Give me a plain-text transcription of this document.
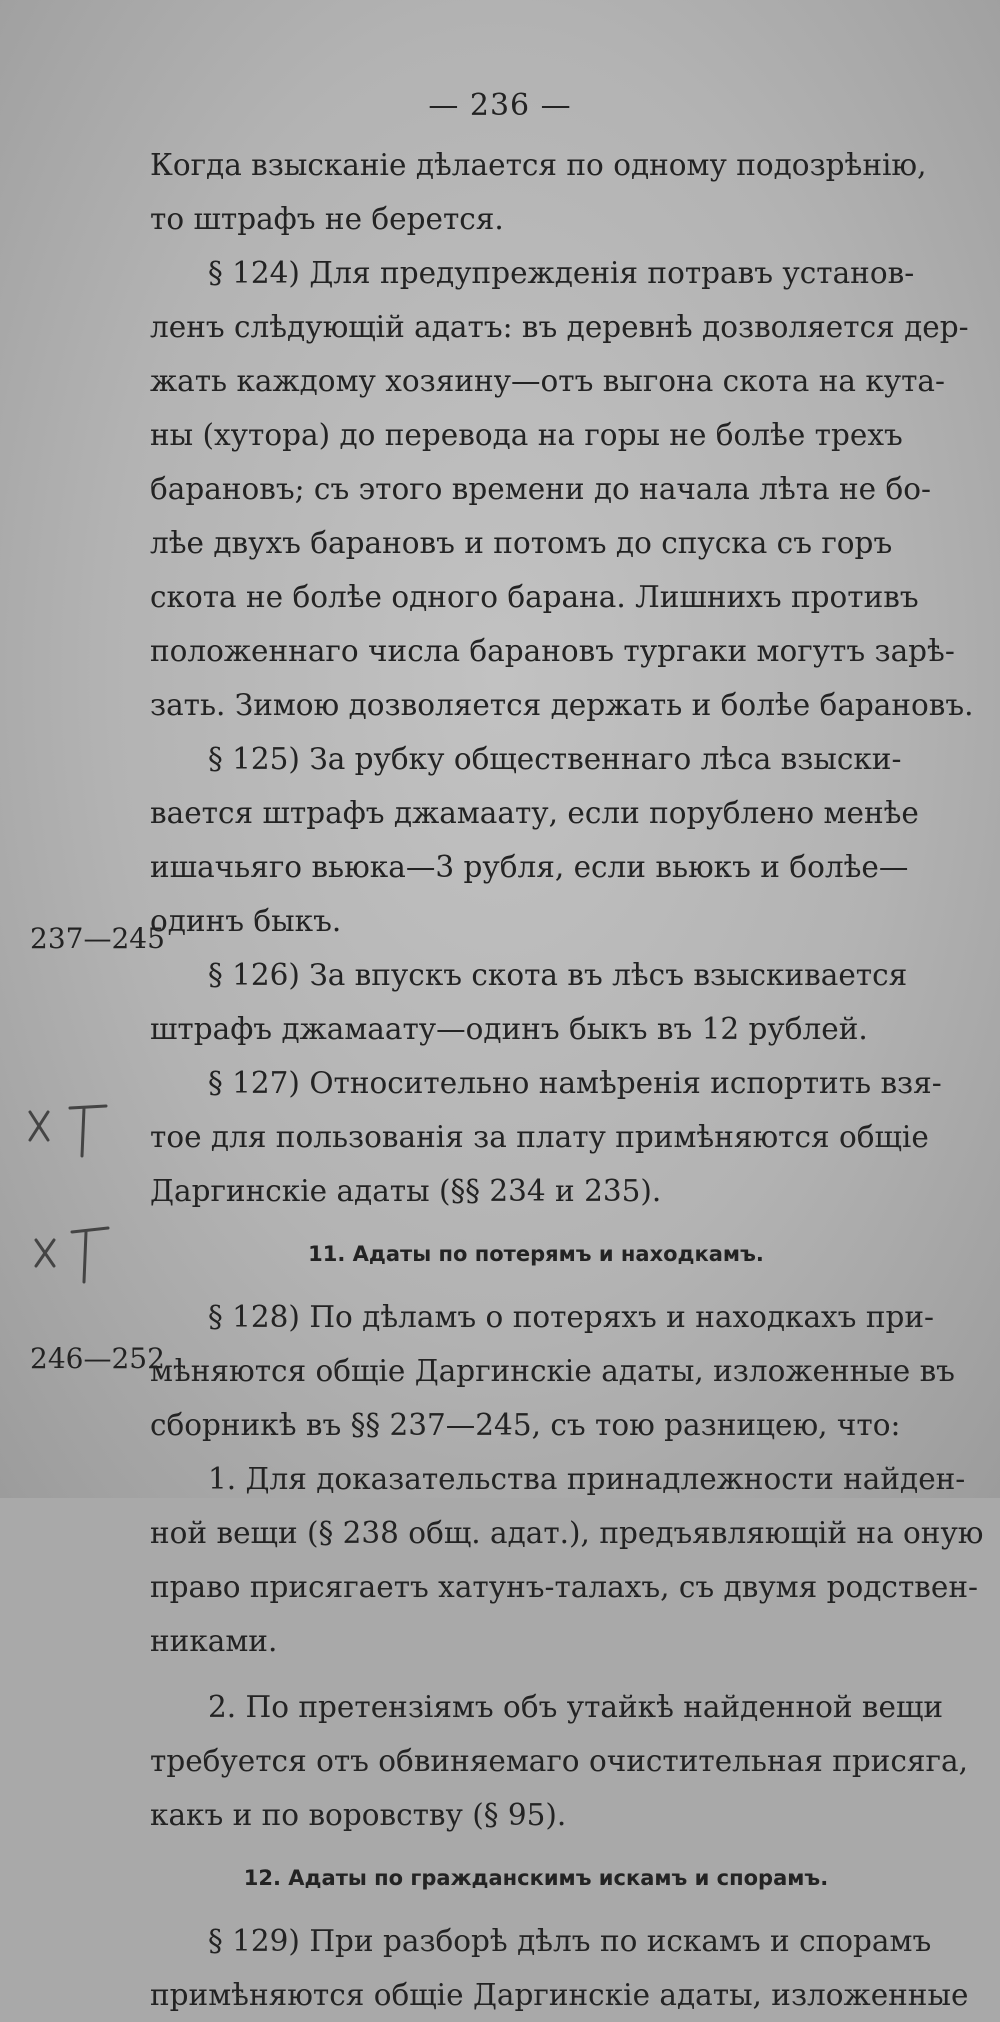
— 236 —
237—245
246—252
Когда взысканіе дѣлается по одному подозрѣнію,
то штрафъ не берется.
§ 124) Для предупрежденія потравъ установ-
ленъ слѣдующій адатъ: въ деревнѣ дозволяется дер-
жать каждому хозяину—отъ выгона скота на кута-
ны (хутора) до перевода на горы не болѣе трехъ
барановъ; съ этого времени до начала лѣта не бо-
лѣе двухъ барановъ и потомъ до спуска съ горъ
скота не болѣе одного барана. Лишнихъ противъ
положеннаго числа барановъ тургаки могутъ зарѣ-
зать. Зимою дозволяется держать и болѣе барановъ.
§ 125) За рубку общественнаго лѣса взыски-
вается штрафъ джамаату, если порублено менѣе
ишачьяго вьюка—3 рубля, если вьюкъ и болѣе—
одинъ быкъ.
§ 126) За впускъ скота въ лѣсъ взыскивается
штрафъ джамаату—одинъ быкъ въ 12 рублей.
§ 127) Относительно намѣренія испортить взя-
тое для пользованія за плату примѣняются общіе
Даргинскіе адаты (§§ 234 и 235).
11. Адаты по потерямъ и находкамъ.
§ 128) По дѣламъ о потеряхъ и находкахъ при-
мѣняются общіе Даргинскіе адаты, изложенные въ
сборникѣ въ §§ 237—245, съ тою разницею, что:
1. Для доказательства принадлежности найден-
ной вещи (§ 238 общ. адат.), предъявляющій на оную
право присягаетъ хатунъ-талахъ, съ двумя родствен-
никами.
2. По претензіямъ объ утайкѣ найденной вещи
требуется отъ обвиняемаго очистительная присяга,
какъ и по воровству (§ 95).
12. Адаты по гражданскимъ искамъ и спорамъ.
§ 129) При разборѣ дѣлъ по искамъ и спорамъ
примѣняются общіе Даргинскіе адаты, изложенные
